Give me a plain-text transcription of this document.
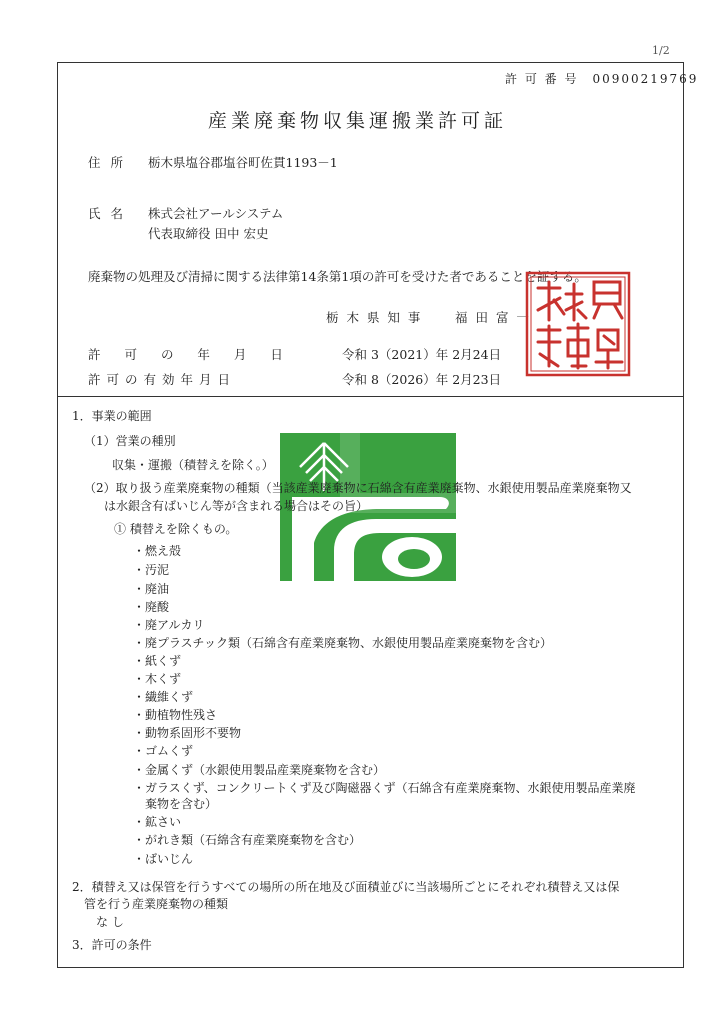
1/2
許 可 番 号　00900219769
産業廃棄物収集運搬業許可証
住所 栃木県塩谷郡塩谷町佐貫1193－1
氏名 株式会社アールシステム
代表取締役 田中 宏史
廃棄物の処理及び清掃に関する法律第14条第1項の許可を受けた者であることを証する。
栃 木 県 知 事	福 田 富 一
許 可 の 年 月 日	令和 3（2021）年 2月24日
許可の有効年月日	令和 8（2026）年 2月23日
1．事業の範囲
（1）営業の種別
収集・運搬（積替えを除く。）
（2）取り扱う産業廃棄物の種類（当該産業廃棄物に石綿含有産業廃棄物、水銀使用製品産業廃棄物又
は水銀含有ばいじん等が含まれる場合はその旨）
① 積替えを除くもの。
・燃え殻
・汚泥
・廃油
・廃酸
・廃アルカリ
・廃プラスチック類（石綿含有産業廃棄物、水銀使用製品産業廃棄物を含む）
・紙くず
・木くず
・繊維くず
・動植物性残さ
・動物系固形不要物
・ゴムくず
・金属くず（水銀使用製品産業廃棄物を含む）
・ガラスくず、コンクリートくず及び陶磁器くず（石綿含有産業廃棄物、水銀使用製品産業廃
　棄物を含む）
・鉱さい
・がれき類（石綿含有産業廃棄物を含む）
・ばいじん
2．積替え又は保管を行うすべての場所の所在地及び面積並びに当該場所ごとにそれぞれ積替え又は保
管を行う産業廃棄物の種類
な し
3．許可の条件
